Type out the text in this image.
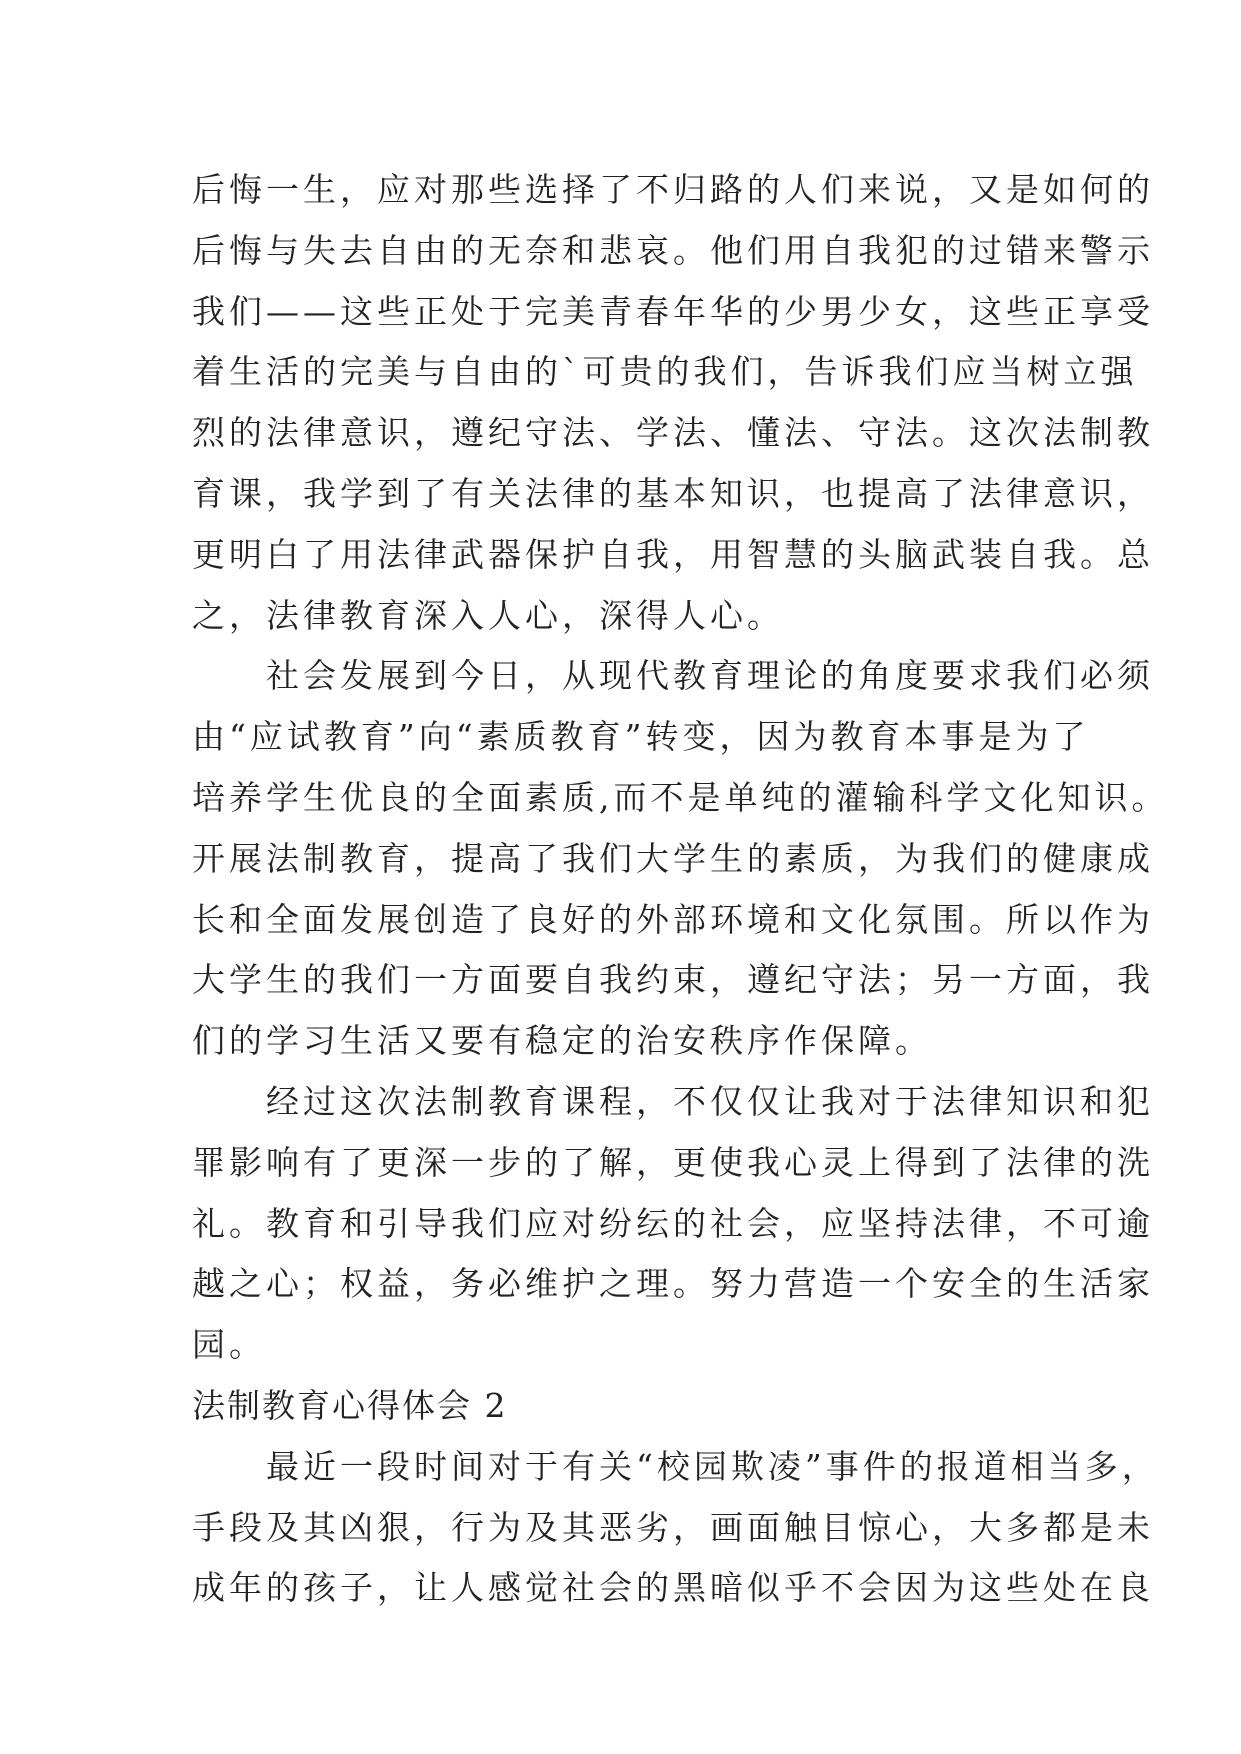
后悔一生，应对那些选择了不归路的人们来说，又是如何的
后悔与失去自由的无奈和悲哀。他们用自我犯的过错来警示
我们——这些正处于完美青春年华的少男少女，这些正享受
着生活的完美与自由的`可贵的我们，告诉我们应当树立强
烈的法律意识，遵纪守法、学法、懂法、守法。这次法制教
育课，我学到了有关法律的基本知识，也提高了法律意识，
更明白了用法律武器保护自我，用智慧的头脑武装自我。总
之，法律教育深入人心，深得人心。
　　社会发展到今日，从现代教育理论的角度要求我们必须
由“应试教育”向“素质教育”转变，因为教育本事是为了
培养学生优良的全面素质,而不是单纯的灌输科学文化知识。
开展法制教育，提高了我们大学生的素质，为我们的健康成
长和全面发展创造了良好的外部环境和文化氛围。所以作为
大学生的我们一方面要自我约束，遵纪守法；另一方面，我
们的学习生活又要有稳定的治安秩序作保障。
　　经过这次法制教育课程，不仅仅让我对于法律知识和犯
罪影响有了更深一步的了解，更使我心灵上得到了法律的洗
礼。教育和引导我们应对纷纭的社会，应坚持法律，不可逾
越之心；权益，务必维护之理。努力营造一个安全的生活家
园。
法制教育心得体会 2
　　最近一段时间对于有关“校园欺凌”事件的报道相当多，
手段及其凶狠，行为及其恶劣，画面触目惊心，大多都是未
成年的孩子，让人感觉社会的黑暗似乎不会因为这些处在良
